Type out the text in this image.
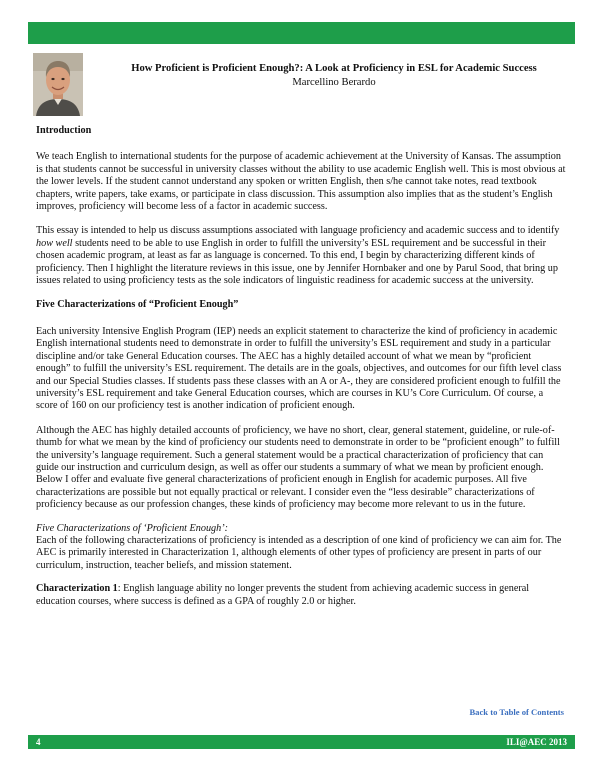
How Proficient is Proficient Enough?: A Look at Proficiency in ESL for Academic Success
Marcellino Berardo

Introduction

We teach English to international students for the purpose of academic achievement at the University of Kansas. The assumption is that students cannot be successful in university classes without the ability to use academic English well. This is most obvious at the lower levels. If the student cannot understand any spoken or written English, then s/he cannot take notes, read textbook chapters, write papers, take exams, or participate in class discussion. This assumption also implies that as the student’s English improves, proficiency will become less of a factor in academic success.

This essay is intended to help us discuss assumptions associated with language proficiency and academic success and to identify how well students need to be able to use English in order to fulfill the university’s ESL requirement and be successful in their chosen academic program, at least as far as language is concerned. To this end, I begin by characterizing different kinds of proficiency. Then I highlight the literature reviews in this issue, one by Jennifer Hornbaker and one by Parul Sood, that bring up issues related to using proficiency tests as the sole indicators of linguistic readiness for academic success at the university.

Five Characterizations of “Proficient Enough”

Each university Intensive English Program (IEP) needs an explicit statement to characterize the kind of proficiency in academic English international students need to demonstrate in order to fulfill the university’s ESL requirement and study in a particular discipline and/or take General Education courses. The AEC has a highly detailed account of what we mean by “proficient enough” to fulfill the university’s ESL requirement. The details are in the goals, objectives, and outcomes for our fifth level class and our Special Studies classes. If students pass these classes with an A or A-, they are considered proficient enough to fulfill the university’s ESL requirement and take General Education courses, which are courses in KU’s Core Curriculum. Of course, a score of 160 on our proficiency test is another indication of proficient enough.

Although the AEC has highly detailed accounts of proficiency, we have no short, clear, general statement, guideline, or rule-of-thumb for what we mean by the kind of proficiency our students need to demonstrate in order to be “proficient enough” to fulfill the university’s language requirement. Such a general statement would be a practical characterization of proficiency that can guide our instruction and curriculum design, as well as offer our students a summary of what we mean by proficient enough. Below I offer and evaluate five general characterizations of proficient enough in English for academic purposes. All five characterizations are possible but not equally practical or relevant. I consider even the “less desirable” characterizations of proficiency because as our profession changes, these kinds of proficiency may become more relevant to us in the future.

Five Characterizations of ‘Proficient Enough’:

Each of the following characterizations of proficiency is intended as a description of one kind of proficiency we can aim for. The AEC is primarily interested in Characterization 1, although elements of other types of proficiency are present in parts of our curriculum, instruction, teacher beliefs, and mission statement.

Characterization 1: English language ability no longer prevents the student from achieving academic success in general education courses, where success is defined as a GPA of roughly 2.0 or higher.

Back to Table of Contents
4	ILI@AEC 2013
